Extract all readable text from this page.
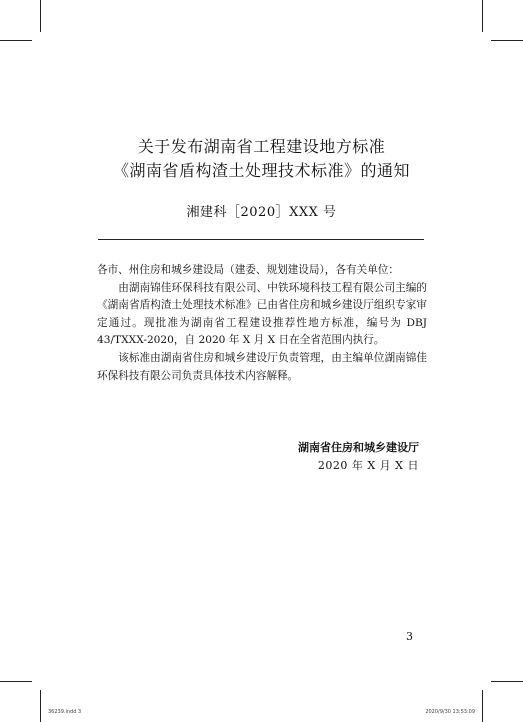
关于发布湖南省工程建设地方标准
《湖南省盾构渣土处理技术标准》的通知
湘建科［2020］XXX 号

各市、州住房和城乡建设局（建委、规划建设局），各有关单位：

由湖南锦佳环保科技有限公司、中铁环境科技工程有限公司主编的《湖南省盾构渣土处理技术标准》已由省住房和城乡建设厅组织专家审定通过。现批准为湖南省工程建设推荐性地方标准，编号为 DBJ 43/TXXX-2020，自 2020 年 X 月 X 日在全省范围内执行。

该标准由湖南省住房和城乡建设厅负责管理，由主编单位湖南锦佳环保科技有限公司负责具体技术内容解释。

湖南省住房和城乡建设厅
2020 年 X 月 X 日
3
36239.indd 3	2020/9/30 13:53:09
